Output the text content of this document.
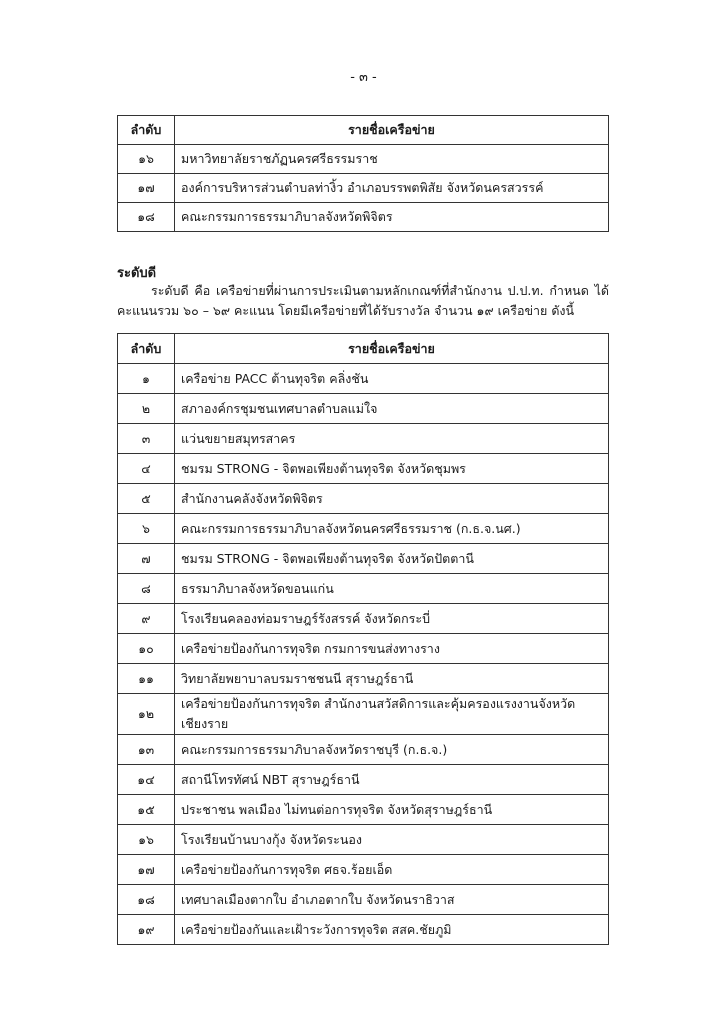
- ๓ -
ลำดับ	รายชื่อเครือข่าย
๑๖	มหาวิทยาลัยราชภัฏนครศรีธรรมราช
๑๗	องค์การบริหารส่วนตำบลท่างิ้ว อำเภอบรรพตพิสัย จังหวัดนครสวรรค์
๑๘	คณะกรรมการธรรมาภิบาลจังหวัดพิจิตร
ระดับดี
ระดับดี คือ เครือข่ายที่ผ่านการประเมินตามหลักเกณฑ์ที่สำนักงาน ป.ป.ท. กำหนด ได้คะแนนรวม ๖๐ – ๖๙ คะแนน โดยมีเครือข่ายที่ได้รับรางวัล จำนวน ๑๙ เครือข่าย ดังนี้
ลำดับ	รายชื่อเครือข่าย
๑	เครือข่าย PACC ต้านทุจริต คลิ่งชัน
๒	สภาองค์กรชุมชนเทศบาลตำบลแม่ใจ
๓	แว่นขยายสมุทรสาคร
๔	ชมรม STRONG - จิตพอเพียงต้านทุจริต จังหวัดชุมพร
๕	สำนักงานคลังจังหวัดพิจิตร
๖	คณะกรรมการธรรมาภิบาลจังหวัดนครศรีธรรมราช (ก.ธ.จ.นศ.)
๗	ชมรม STRONG - จิตพอเพียงต้านทุจริต จังหวัดปัตตานี
๘	ธรรมาภิบาลจังหวัดขอนแก่น
๙	โรงเรียนคลองท่อมราษฎร์รังสรรค์ จังหวัดกระบี่
๑๐	เครือข่ายป้องกันการทุจริต กรมการขนส่งทางราง
๑๑	วิทยาลัยพยาบาลบรมราชชนนี สุราษฎร์ธานี
๑๒	เครือข่ายป้องกันการทุจริต สำนักงานสวัสดิการและคุ้มครองแรงงานจังหวัดเชียงราย
๑๓	คณะกรรมการธรรมาภิบาลจังหวัดราชบุรี (ก.ธ.จ.)
๑๔	สถานีโทรทัศน์ NBT สุราษฎร์ธานี
๑๕	ประชาชน พลเมือง ไม่ทนต่อการทุจริต จังหวัดสุราษฎร์ธานี
๑๖	โรงเรียนบ้านบางกุ้ง จังหวัดระนอง
๑๗	เครือข่ายป้องกันการทุจริต ศธจ.ร้อยเอ็ด
๑๘	เทศบาลเมืองตากใบ อำเภอตากใบ จังหวัดนราธิวาส
๑๙	เครือข่ายป้องกันและเฝ้าระวังการทุจริต สสค.ชัยภูมิ
